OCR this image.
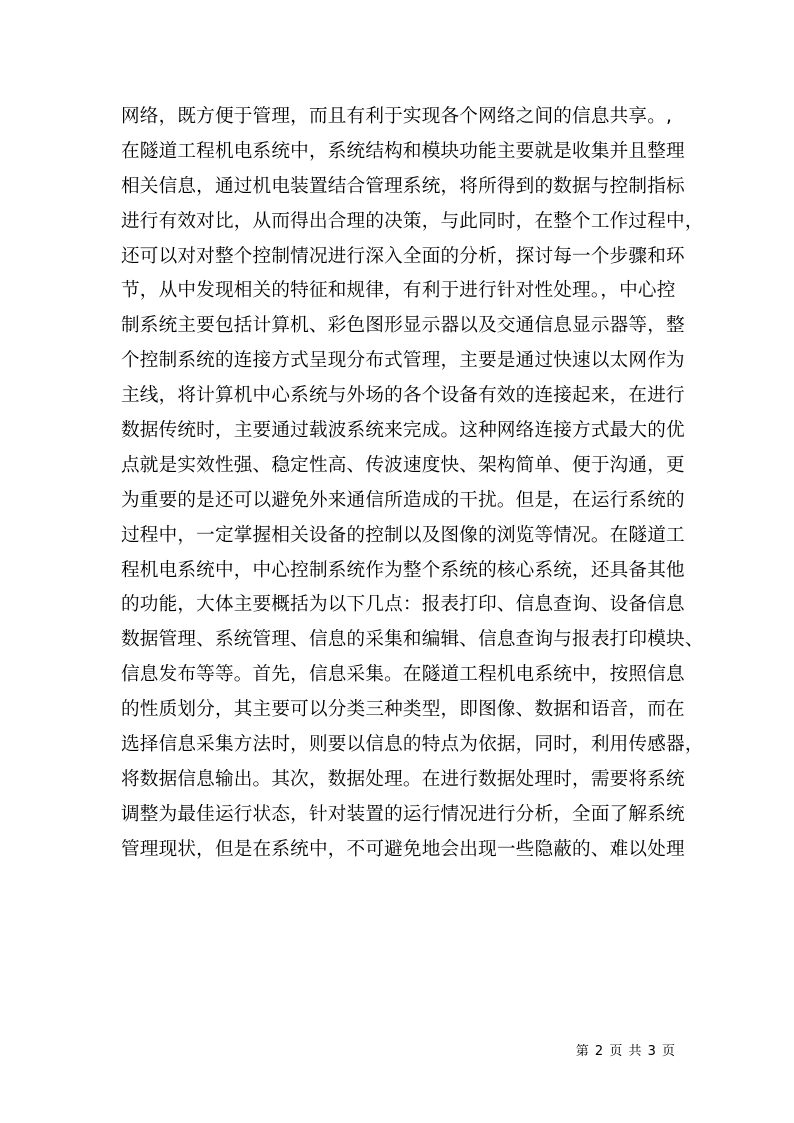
网络，既方便于管理，而且有利于实现各个网络之间的信息共享。,
在隧道工程机电系统中，系统结构和模块功能主要就是收集并且整理
相关信息，通过机电装置结合管理系统，将所得到的数据与控制指标
进行有效对比，从而得出合理的决策，与此同时，在整个工作过程中，
还可以对对整个控制情况进行深入全面的分析，探讨每一个步骤和环
节，从中发现相关的特征和规律，有利于进行针对性处理。，中心控
制系统主要包括计算机、彩色图形显示器以及交通信息显示器等，整
个控制系统的连接方式呈现分布式管理，主要是通过快速以太网作为
主线，将计算机中心系统与外场的各个设备有效的连接起来，在进行
数据传统时，主要通过载波系统来完成。这种网络连接方式最大的优
点就是实效性强、稳定性高、传波速度快、架构简单、便于沟通，更
为重要的是还可以避免外来通信所造成的干扰。但是，在运行系统的
过程中，一定掌握相关设备的控制以及图像的浏览等情况。在隧道工
程机电系统中，中心控制系统作为整个系统的核心系统，还具备其他
的功能，大体主要概括为以下几点：报表打印、信息查询、设备信息
数据管理、系统管理、信息的采集和编辑、信息查询与报表打印模块、
信息发布等等。首先，信息采集。在隧道工程机电系统中，按照信息
的性质划分，其主要可以分类三种类型，即图像、数据和语音，而在
选择信息采集方法时，则要以信息的特点为依据，同时，利用传感器，
将数据信息输出。其次，数据处理。在进行数据处理时，需要将系统
调整为最佳运行状态，针对装置的运行情况进行分析，全面了解系统
管理现状，但是在系统中，不可避免地会出现一些隐蔽的、难以处理
第 2 页 共 3 页
